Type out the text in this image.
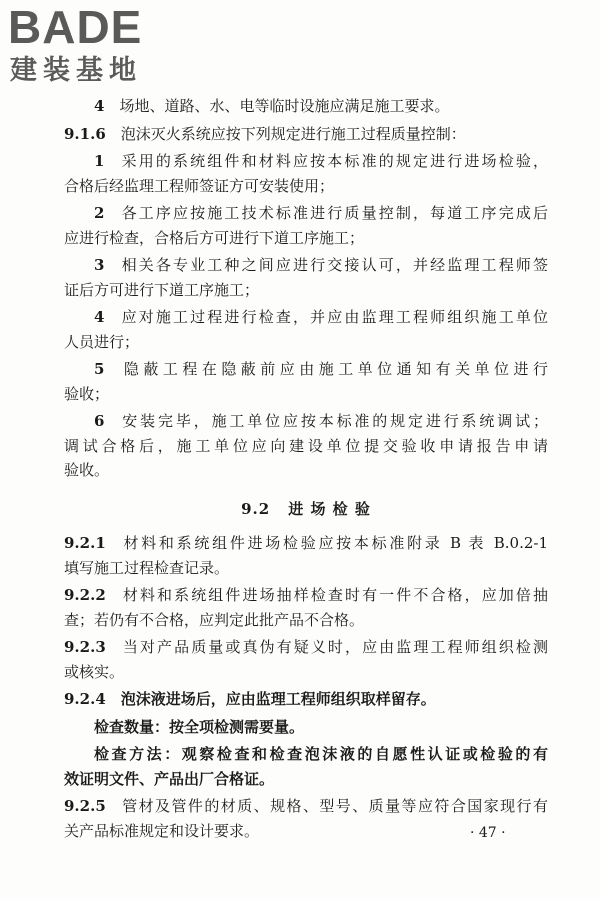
BADE
建装基地
4  场地、道路、水、电等临时设施应满足施工要求。
9.1.6  泡沫灭火系统应按下列规定进行施工过程质量控制：
1  采用的系统组件和材料应按本标准的规定进行进场检验，
合格后经监理工程师签证方可安装使用；
2  各工序应按施工技术标准进行质量控制，每道工序完成后
应进行检查，合格后方可进行下道工序施工；
3  相关各专业工种之间应进行交接认可，并经监理工程师签
证后方可进行下道工序施工；
4  应对施工过程进行检查，并应由监理工程师组织施工单位
人员进行；
5  隐蔽工程在隐蔽前应由施工单位通知有关单位进行
验收；
6  安装完毕，施工单位应按本标准的规定进行系统调试；
调试合格后，施工单位应向建设单位提交验收申请报告申请
验收。
9.2 进 场 检 验
9.2.1  材料和系统组件进场检验应按本标准附录 B 表 B.0.2-1
填写施工过程检查记录。
9.2.2  材料和系统组件进场抽样检查时有一件不合格，应加倍抽
查；若仍有不合格，应判定此批产品不合格。
9.2.3  当对产品质量或真伪有疑义时，应由监理工程师组织检测
或核实。
9.2.4  泡沫液进场后，应由监理工程师组织取样留存。
检查数量：按全项检测需要量。
检查方法：观察检查和检查泡沫液的自愿性认证或检验的有
效证明文件、产品出厂合格证。
9.2.5  管材及管件的材质、规格、型号、质量等应符合国家现行有
关产品标准规定和设计要求。	· 47 ·
